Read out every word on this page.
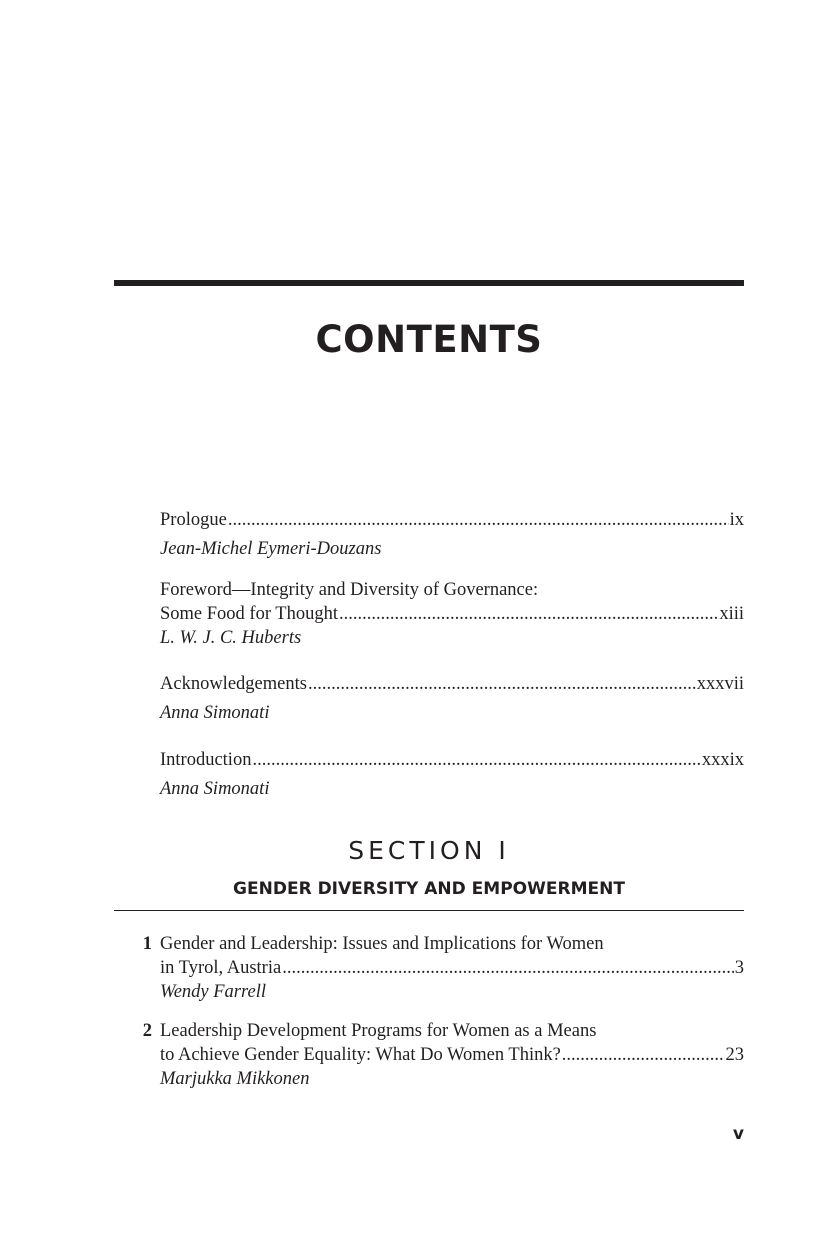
CONTENTS
Prologue .....	ix
Jean-Michel Eymeri-Douzans
Foreword—Integrity and Diversity of Governance:
Some Food for Thought .....	xiii
L. W. J. C. Huberts
Acknowledgements .....	xxxvii
Anna Simonati
Introduction .....	xxxix
Anna Simonati
SECTION I
GENDER DIVERSITY AND EMPOWERMENT
1 Gender and Leadership: Issues and Implications for Women
in Tyrol, Austria .....	3
Wendy Farrell
2 Leadership Development Programs for Women as a Means
to Achieve Gender Equality: What Do Women Think? .....	23
Marjukka Mikkonen
v
